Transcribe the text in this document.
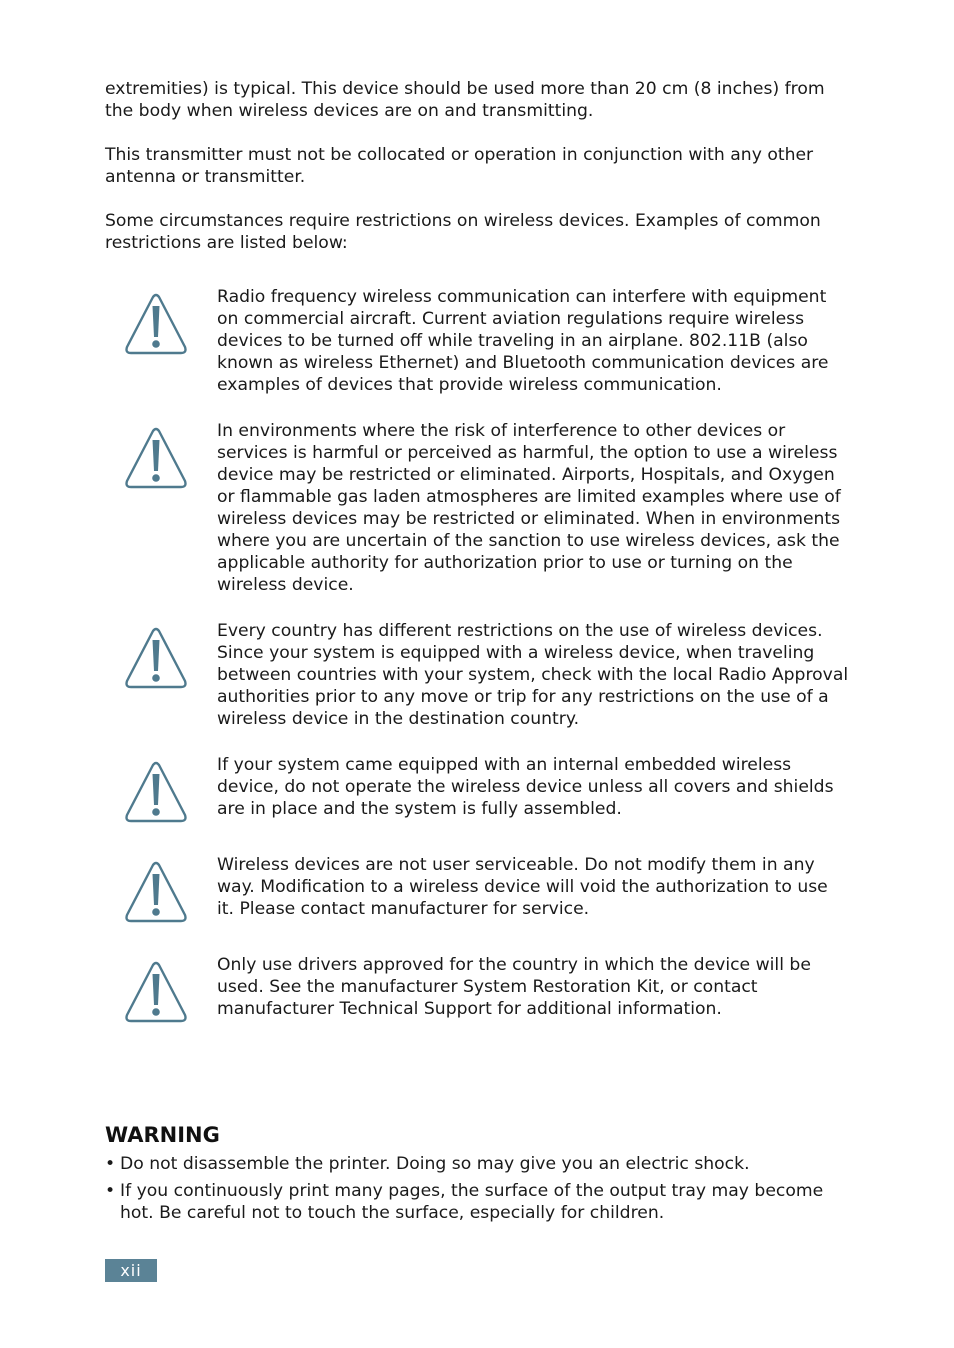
extremities) is typical. This device should be used more than 20 cm (8 inches) from the body when wireless devices are on and transmitting.

This transmitter must not be collocated or operation in conjunction with any other antenna or transmitter.

Some circumstances require restrictions on wireless devices. Examples of common restrictions are listed below:

Radio frequency wireless communication can interfere with equipment on commercial aircraft. Current aviation regulations require wireless devices to be turned off while traveling in an airplane. 802.11B (also known as wireless Ethernet) and Bluetooth communication devices are examples of devices that provide wireless communication.

In environments where the risk of interference to other devices or services is harmful or perceived as harmful, the option to use a wireless device may be restricted or eliminated. Airports, Hospitals, and Oxygen or flammable gas laden atmospheres are limited examples where use of wireless devices may be restricted or eliminated. When in environments where you are uncertain of the sanction to use wireless devices, ask the applicable authority for authorization prior to use or turning on the wireless device.

Every country has different restrictions on the use of wireless devices. Since your system is equipped with a wireless device, when traveling between countries with your system, check with the local Radio Approval authorities prior to any move or trip for any restrictions on the use of a wireless device in the destination country.

If your system came equipped with an internal embedded wireless device, do not operate the wireless device unless all covers and shields are in place and the system is fully assembled.

Wireless devices are not user serviceable. Do not modify them in any way. Modification to a wireless device will void the authorization to use it. Please contact manufacturer for service.

Only use drivers approved for the country in which the device will be used. See the manufacturer System Restoration Kit, or contact manufacturer Technical Support for additional information.

WARNING
• Do not disassemble the printer. Doing so may give you an electric shock.
• If you continuously print many pages, the surface of the output tray may become hot. Be careful not to touch the surface, especially for children.
xii
